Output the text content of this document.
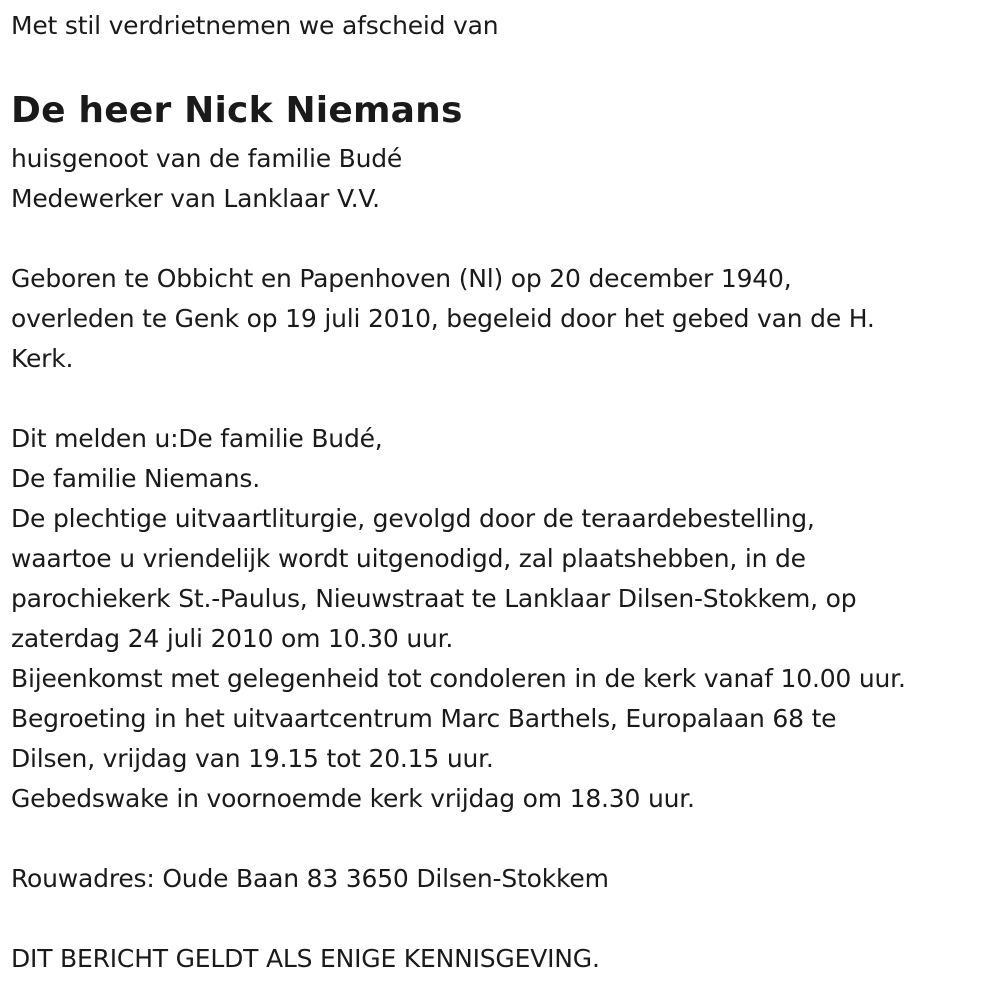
Met stil verdrietnemen we afscheid van
De heer Nick Niemans
huisgenoot van de familie Budé
Medewerker van Lanklaar V.V.
Geboren te Obbicht en Papenhoven (Nl) op 20 december 1940,
overleden te Genk op 19 juli 2010, begeleid door het gebed van de H.
Kerk.
Dit melden u:De familie Budé,
De familie Niemans.
De plechtige uitvaartliturgie, gevolgd door de teraardebestelling,
waartoe u vriendelijk wordt uitgenodigd, zal plaatshebben, in de
parochiekerk St.-Paulus, Nieuwstraat te Lanklaar Dilsen-Stokkem, op
zaterdag 24 juli 2010 om 10.30 uur.
Bijeenkomst met gelegenheid tot condoleren in de kerk vanaf 10.00 uur.
Begroeting in het uitvaartcentrum Marc Barthels, Europalaan 68 te
Dilsen, vrijdag van 19.15 tot 20.15 uur.
Gebedswake in voornoemde kerk vrijdag om 18.30 uur.
Rouwadres: Oude Baan 83 3650 Dilsen-Stokkem
DIT BERICHT GELDT ALS ENIGE KENNISGEVING.
